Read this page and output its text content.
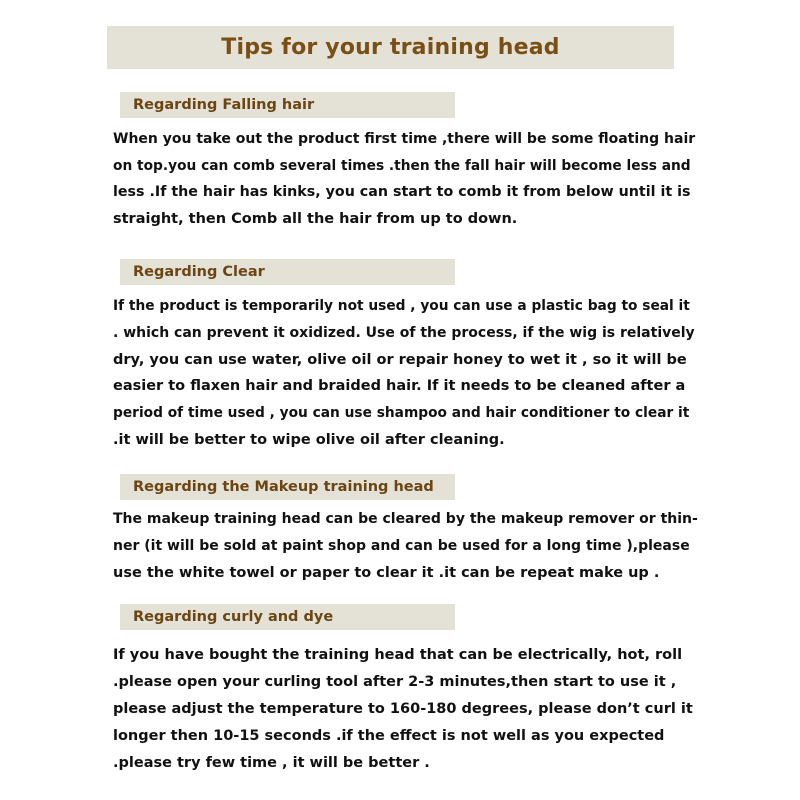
Tips for your training head
Regarding Falling hair
When you take out the product first time ,there will be some floating hair
on top.you can comb several times .then the fall hair will become less and
less .If the hair has kinks, you can start to comb it from below until it is
straight, then Comb all the hair from up to down.
Regarding Clear
If the product is temporarily not used , you can use a plastic bag to seal it
. which can prevent it oxidized. Use of the process, if the wig is relatively
dry, you can use water, olive oil or repair honey to wet it , so it will be
easier to flaxen hair and braided hair. If it needs to be cleaned after a
period of time used , you can use shampoo and hair conditioner to clear it
.it will be better to wipe olive oil after cleaning.
Regarding the Makeup training head
The makeup training head can be cleared by the makeup remover or thin-
ner (it will be sold at paint shop and can be used for a long time ),please
use the white towel or paper to clear it .it can be repeat make up .
Regarding curly and dye
If you have bought the training head that can be electrically, hot, roll
.please open your curling tool after 2-3 minutes,then start to use it ,
please adjust the temperature to 160-180 degrees, please don’t curl it
longer then 10-15 seconds .if the effect is not well as you expected
.please try few time , it will be better .
